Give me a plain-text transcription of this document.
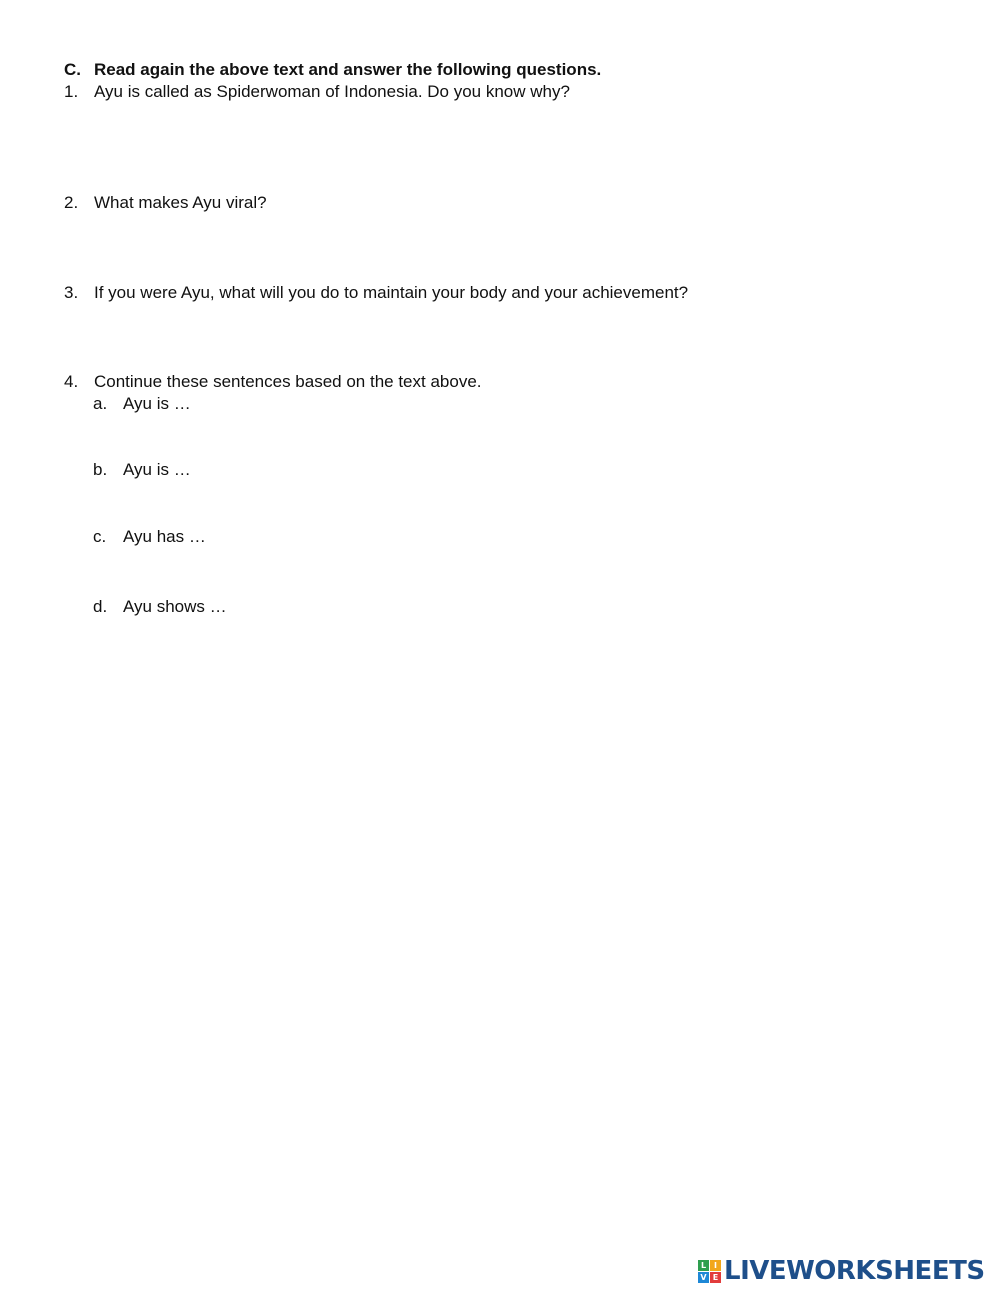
C. Read again the above text and answer the following questions.
1. Ayu is called as Spiderwoman of Indonesia. Do you know why?
2. What makes Ayu viral?
3. If you were Ayu, what will you do to maintain your body and your achievement?
4. Continue these sentences based on the text above.
a. Ayu is …
b. Ayu is …
c. Ayu has …
d. Ayu shows …
L I
V E LIVEWORKSHEETS
